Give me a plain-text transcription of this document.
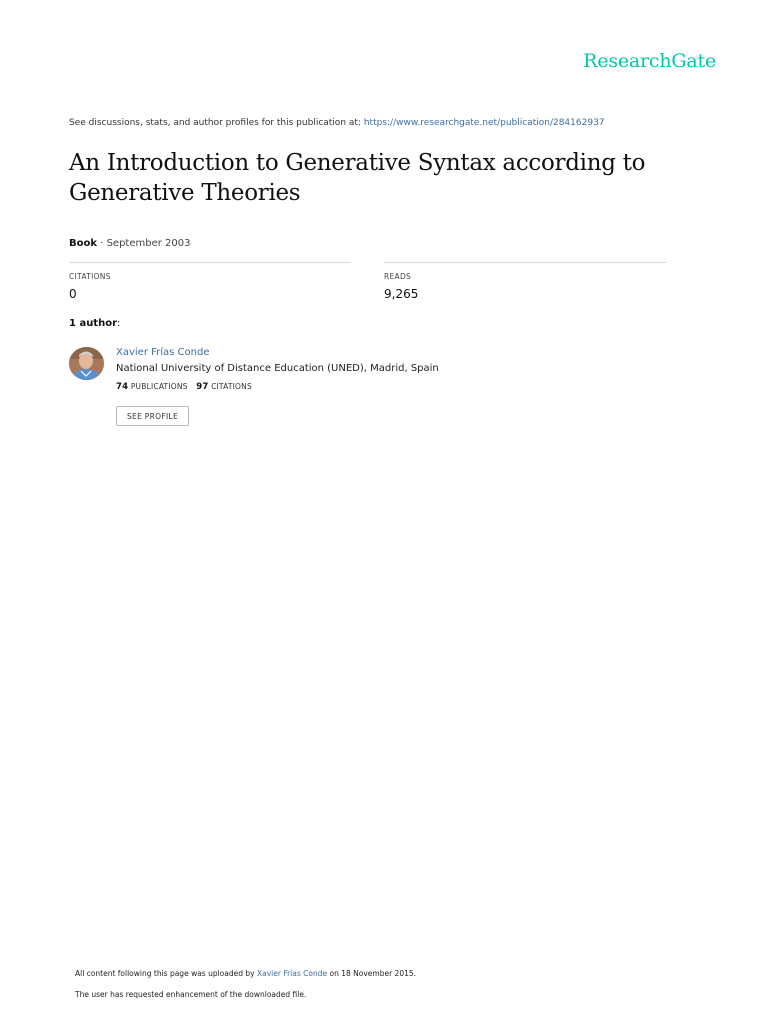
ResearchGate
See discussions, stats, and author profiles for this publication at: https://www.researchgate.net/publication/284162937
An Introduction to Generative Syntax according to Generative Theories
Book · September 2003
CITATIONS
0
READS
9,265
1 author:
Xavier Frías Conde
National University of Distance Education (UNED), Madrid, Spain
74 PUBLICATIONS 97 CITATIONS
SEE PROFILE
All content following this page was uploaded by Xavier Frías Conde on 18 November 2015.
The user has requested enhancement of the downloaded file.
